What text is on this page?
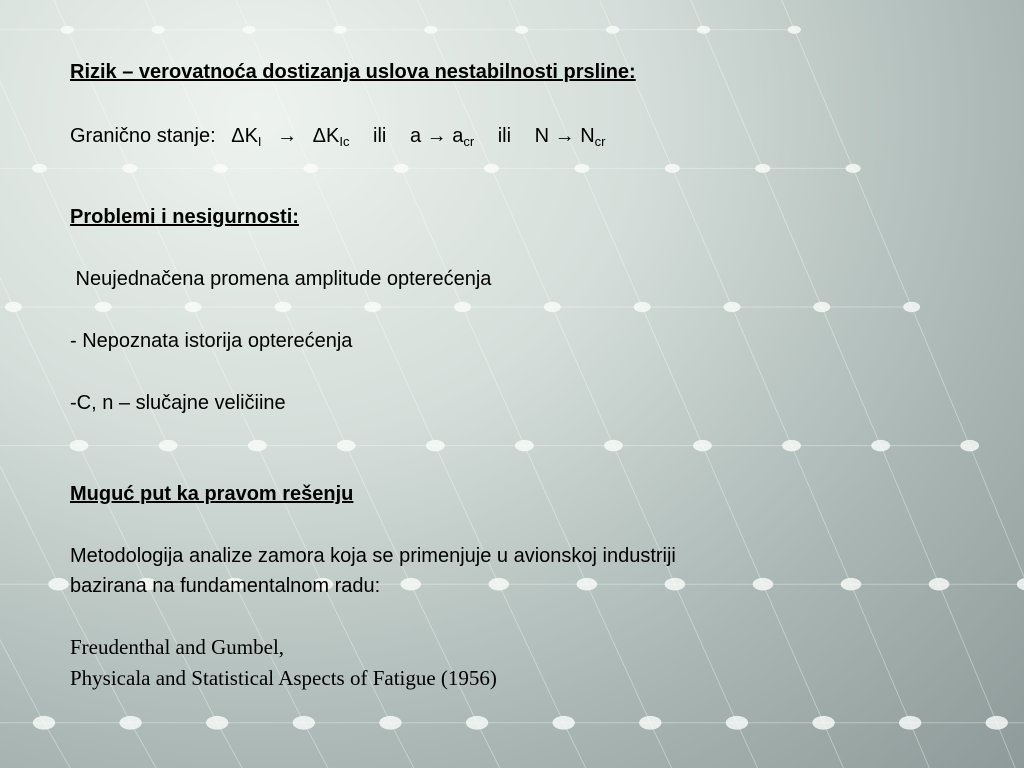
Rizik – verovatnoća dostizanja uslova nestabilnosti prsline:
Granično stanje: $\Delta K_I \to \Delta K_{Ic}$ ili $a \to a_{cr}$ ili $N \to N_{cr}$
Problemi i nesigurnosti:
Neujednačena promena amplitude opterećenja
- Nepoznata istorija opterećenja
-C, n – slučajne veličiine
Muguć put ka pravom rešenju
Metodologija analize zamora koja se primenjuje u avionskoj industriji
bazirana na fundamentalnom radu:
Freudenthal and Gumbel,
Physicala and Statistical Aspects of Fatigue (1956)
